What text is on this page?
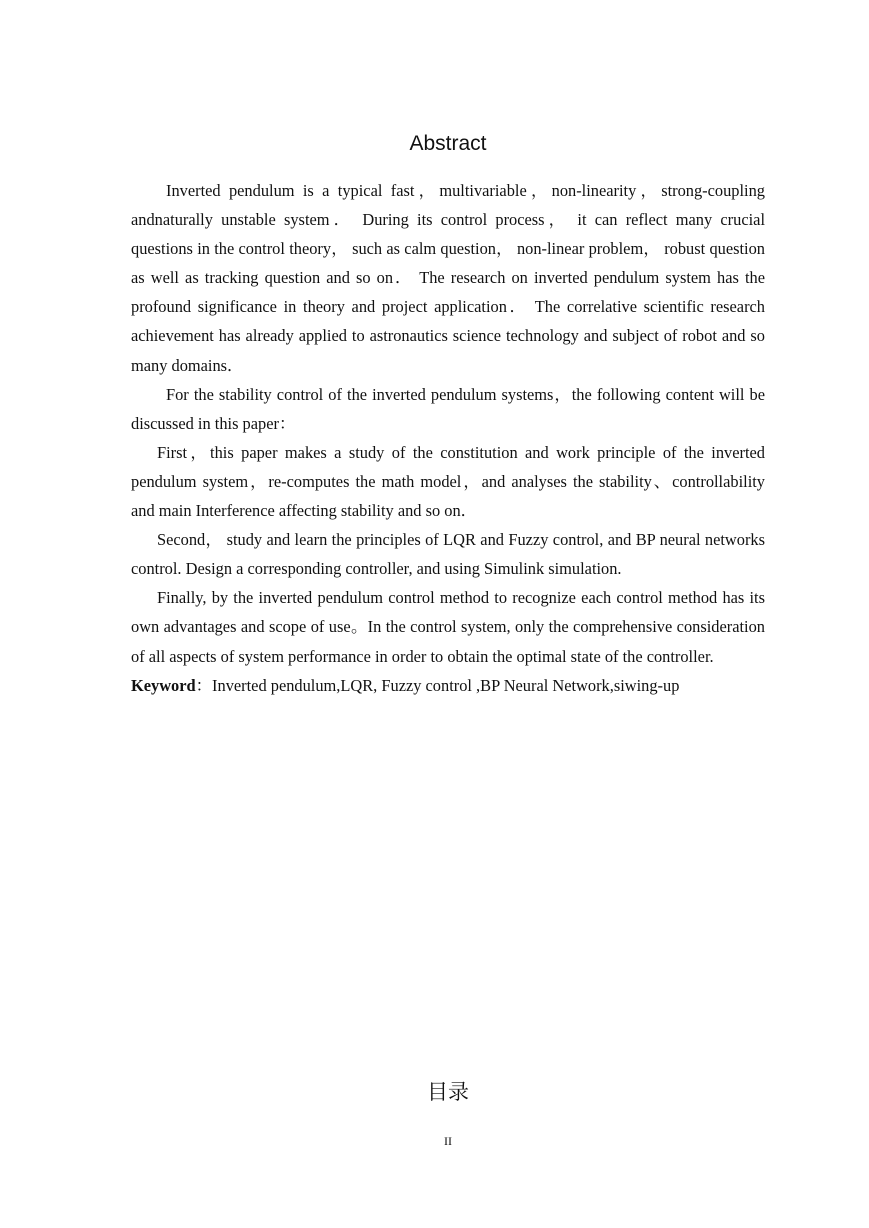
Abstract

Inverted pendulum is a typical fast，multivariable，non-linearity，strong-coupling andnaturally unstable system． During its control process， it can reflect many crucial questions in the control theory， such as calm question， non-linear problem， robust question as well as tracking question and so on． The research on inverted pendulum system has the profound significance in theory and project application． The correlative scientific research achievement has already applied to astronautics science technology and subject of robot and so many domains．

For the stability control of the inverted pendulum systems，the following content will be discussed in this paper：

First，this paper makes a study of the constitution and work principle of the inverted pendulum system，re-computes the math model，and analyses the stability、controllability and main Interference affecting stability and so on．

Second， study and learn the principles of LQR and Fuzzy control, and BP neural networks control. Design a corresponding controller, and using Simulink simulation.

Finally, by the inverted pendulum control method to recognize each control method has its own advantages and scope of use。In the control system, only the comprehensive consideration of all aspects of system performance in order to obtain the optimal state of the controller.

Keyword：Inverted pendulum,LQR, Fuzzy control ,BP Neural Network,siwing-up

目录
II
